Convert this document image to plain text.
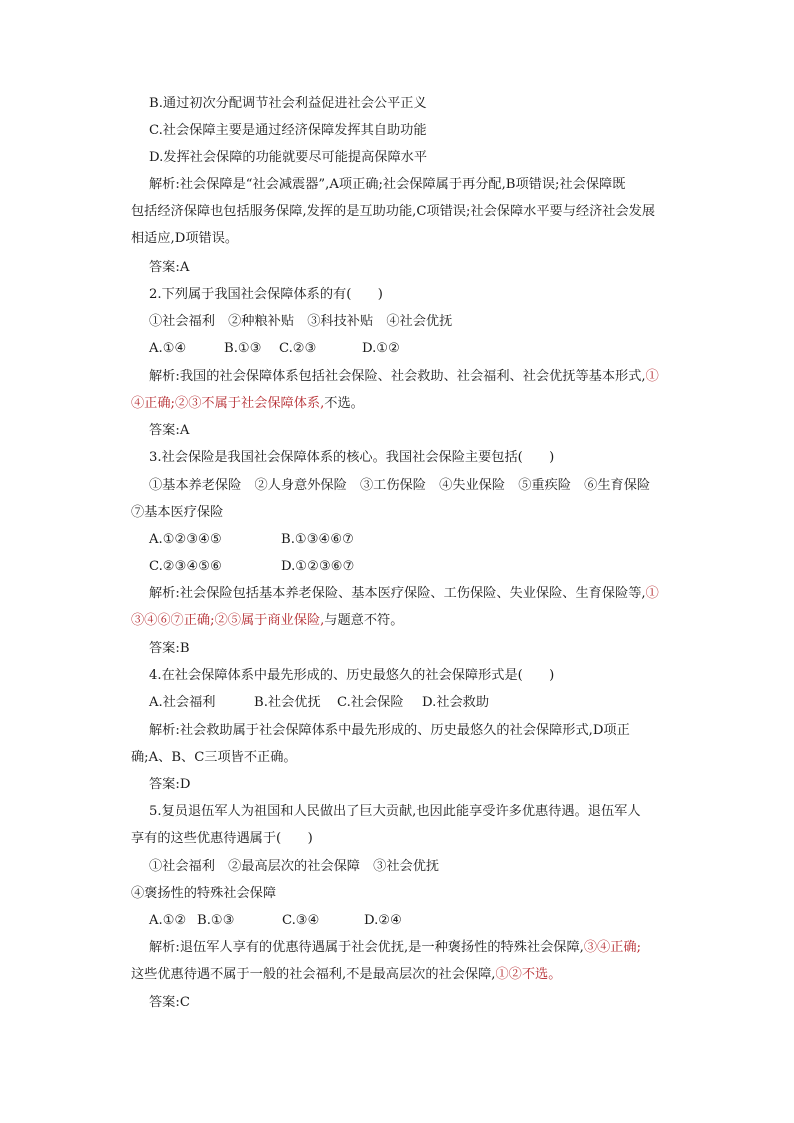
B.通过初次分配调节社会利益促进社会公平正义
C.社会保障主要是通过经济保障发挥其自助功能
D.发挥社会保障的功能就要尽可能提高保障水平
解析:社会保障是“社会减震器”,A项正确;社会保障属于再分配,B项错误;社会保障既
包括经济保障也包括服务保障,发挥的是互助功能,C项错误;社会保障水平要与经济社会发展
相适应,D项错误。
答案:A
2.下列属于我国社会保障体系的有(　　)
①社会福利　②种粮补贴　③科技补贴　④社会优抚
A.①④	B.①③ C.②③	D.①②
解析:我国的社会保障体系包括社会保险、社会救助、社会福利、社会优抚等基本形式,①
④正确;②③不属于社会保障体系,不选。
答案:A
3.社会保险是我国社会保障体系的核心。我国社会保险主要包括(　　)
①基本养老保险　②人身意外保险　③工伤保险　④失业保险　⑤重疾险　⑥生育保险
⑦基本医疗保险
A.①②③④⑤	B.①③④⑥⑦
C.②③④⑤⑥	D.①②③⑥⑦
解析:社会保险包括基本养老保险、基本医疗保险、工伤保险、失业保险、生育保险等,①
③④⑥⑦正确;②⑤属于商业保险,与题意不符。
答案:B
4.在社会保障体系中最先形成的、历史最悠久的社会保障形式是(　　)
A.社会福利	B.社会优抚 C.社会保险 D.社会救助
解析:社会救助属于社会保障体系中最先形成的、历史最悠久的社会保障形式,D项正
确;A、B、C三项皆不正确。
答案:D
5.复员退伍军人为祖国和人民做出了巨大贡献,也因此能享受许多优惠待遇。退伍军人
享有的这些优惠待遇属于(　　)
①社会福利　②最高层次的社会保障　③社会优抚
④褒扬性的特殊社会保障
A.①② B.①③	C.③④	D.②④
解析:退伍军人享有的优惠待遇属于社会优抚,是一种褒扬性的特殊社会保障,③④正确;
这些优惠待遇不属于一般的社会福利,不是最高层次的社会保障,①②不选。
答案:C
